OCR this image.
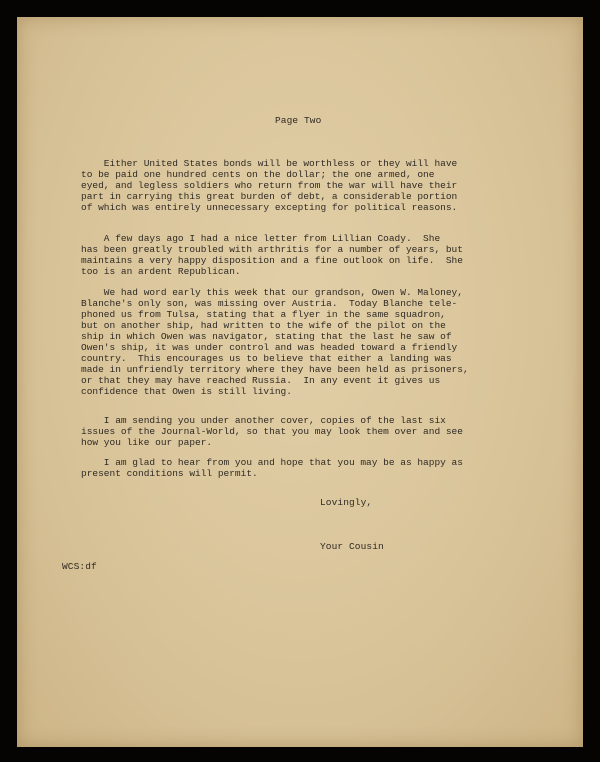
Page Two

Either United States bonds will be worthless or they will have

to be paid one hundred cents on the dollar; the one armed, one

eyed, and legless soldiers who return from the war will have their

part in carrying this great burden of debt, a considerable portion

of which was entirely unnecessary excepting for political reasons.

A few days ago I had a nice letter from Lillian Coady.  She

has been greatly troubled with arthritis for a number of years, but

maintains a very happy disposition and a fine outlook on life.  She

too is an ardent Republican.

We had word early this week that our grandson, Owen W. Maloney,

Blanche's only son, was missing over Austria.  Today Blanche tele-

phoned us from Tulsa, stating that a flyer in the same squadron,

but on another ship, had written to the wife of the pilot on the

ship in which Owen was navigator, stating that the last he saw of

Owen's ship, it was under control and was headed toward a friendly

country.  This encourages us to believe that either a landing was

made in unfriendly territory where they have been held as prisoners,

or that they may have reached Russia.  In any event it gives us

confidence that Owen is still living.

I am sending you under another cover, copies of the last six

issues of the Journal-World, so that you may look them over and see

how you like our paper.

I am glad to hear from you and hope that you may be as happy as

present conditions will permit.

Lovingly,

Your Cousin

WCS:df
